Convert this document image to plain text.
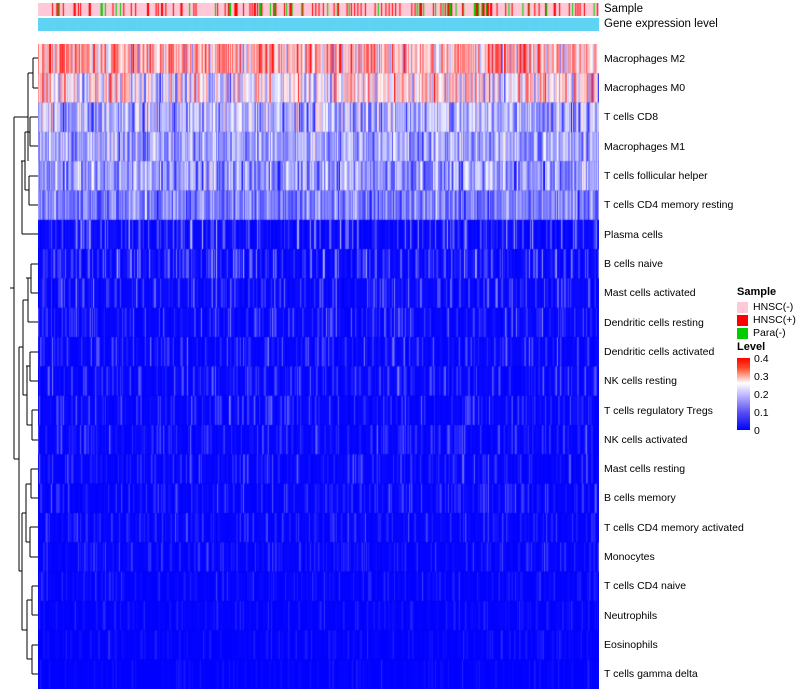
Sample
Gene expression level
Macrophages M2
Macrophages M0
T cells CD8
Macrophages M1
T cells follicular helper
T cells CD4 memory resting
Plasma cells
B cells naive
Mast cells activated
Dendritic cells resting
Dendritic cells activated
NK cells resting
T cells regulatory Tregs
NK cells activated
Mast cells resting
B cells memory
T cells CD4 memory activated
Monocytes
T cells CD4 naive
Neutrophils
Eosinophils
T cells gamma delta
Sample
HNSC(-)
HNSC(+)
Para(-)
Level
0.4
0.3
0.2
0.1
0
